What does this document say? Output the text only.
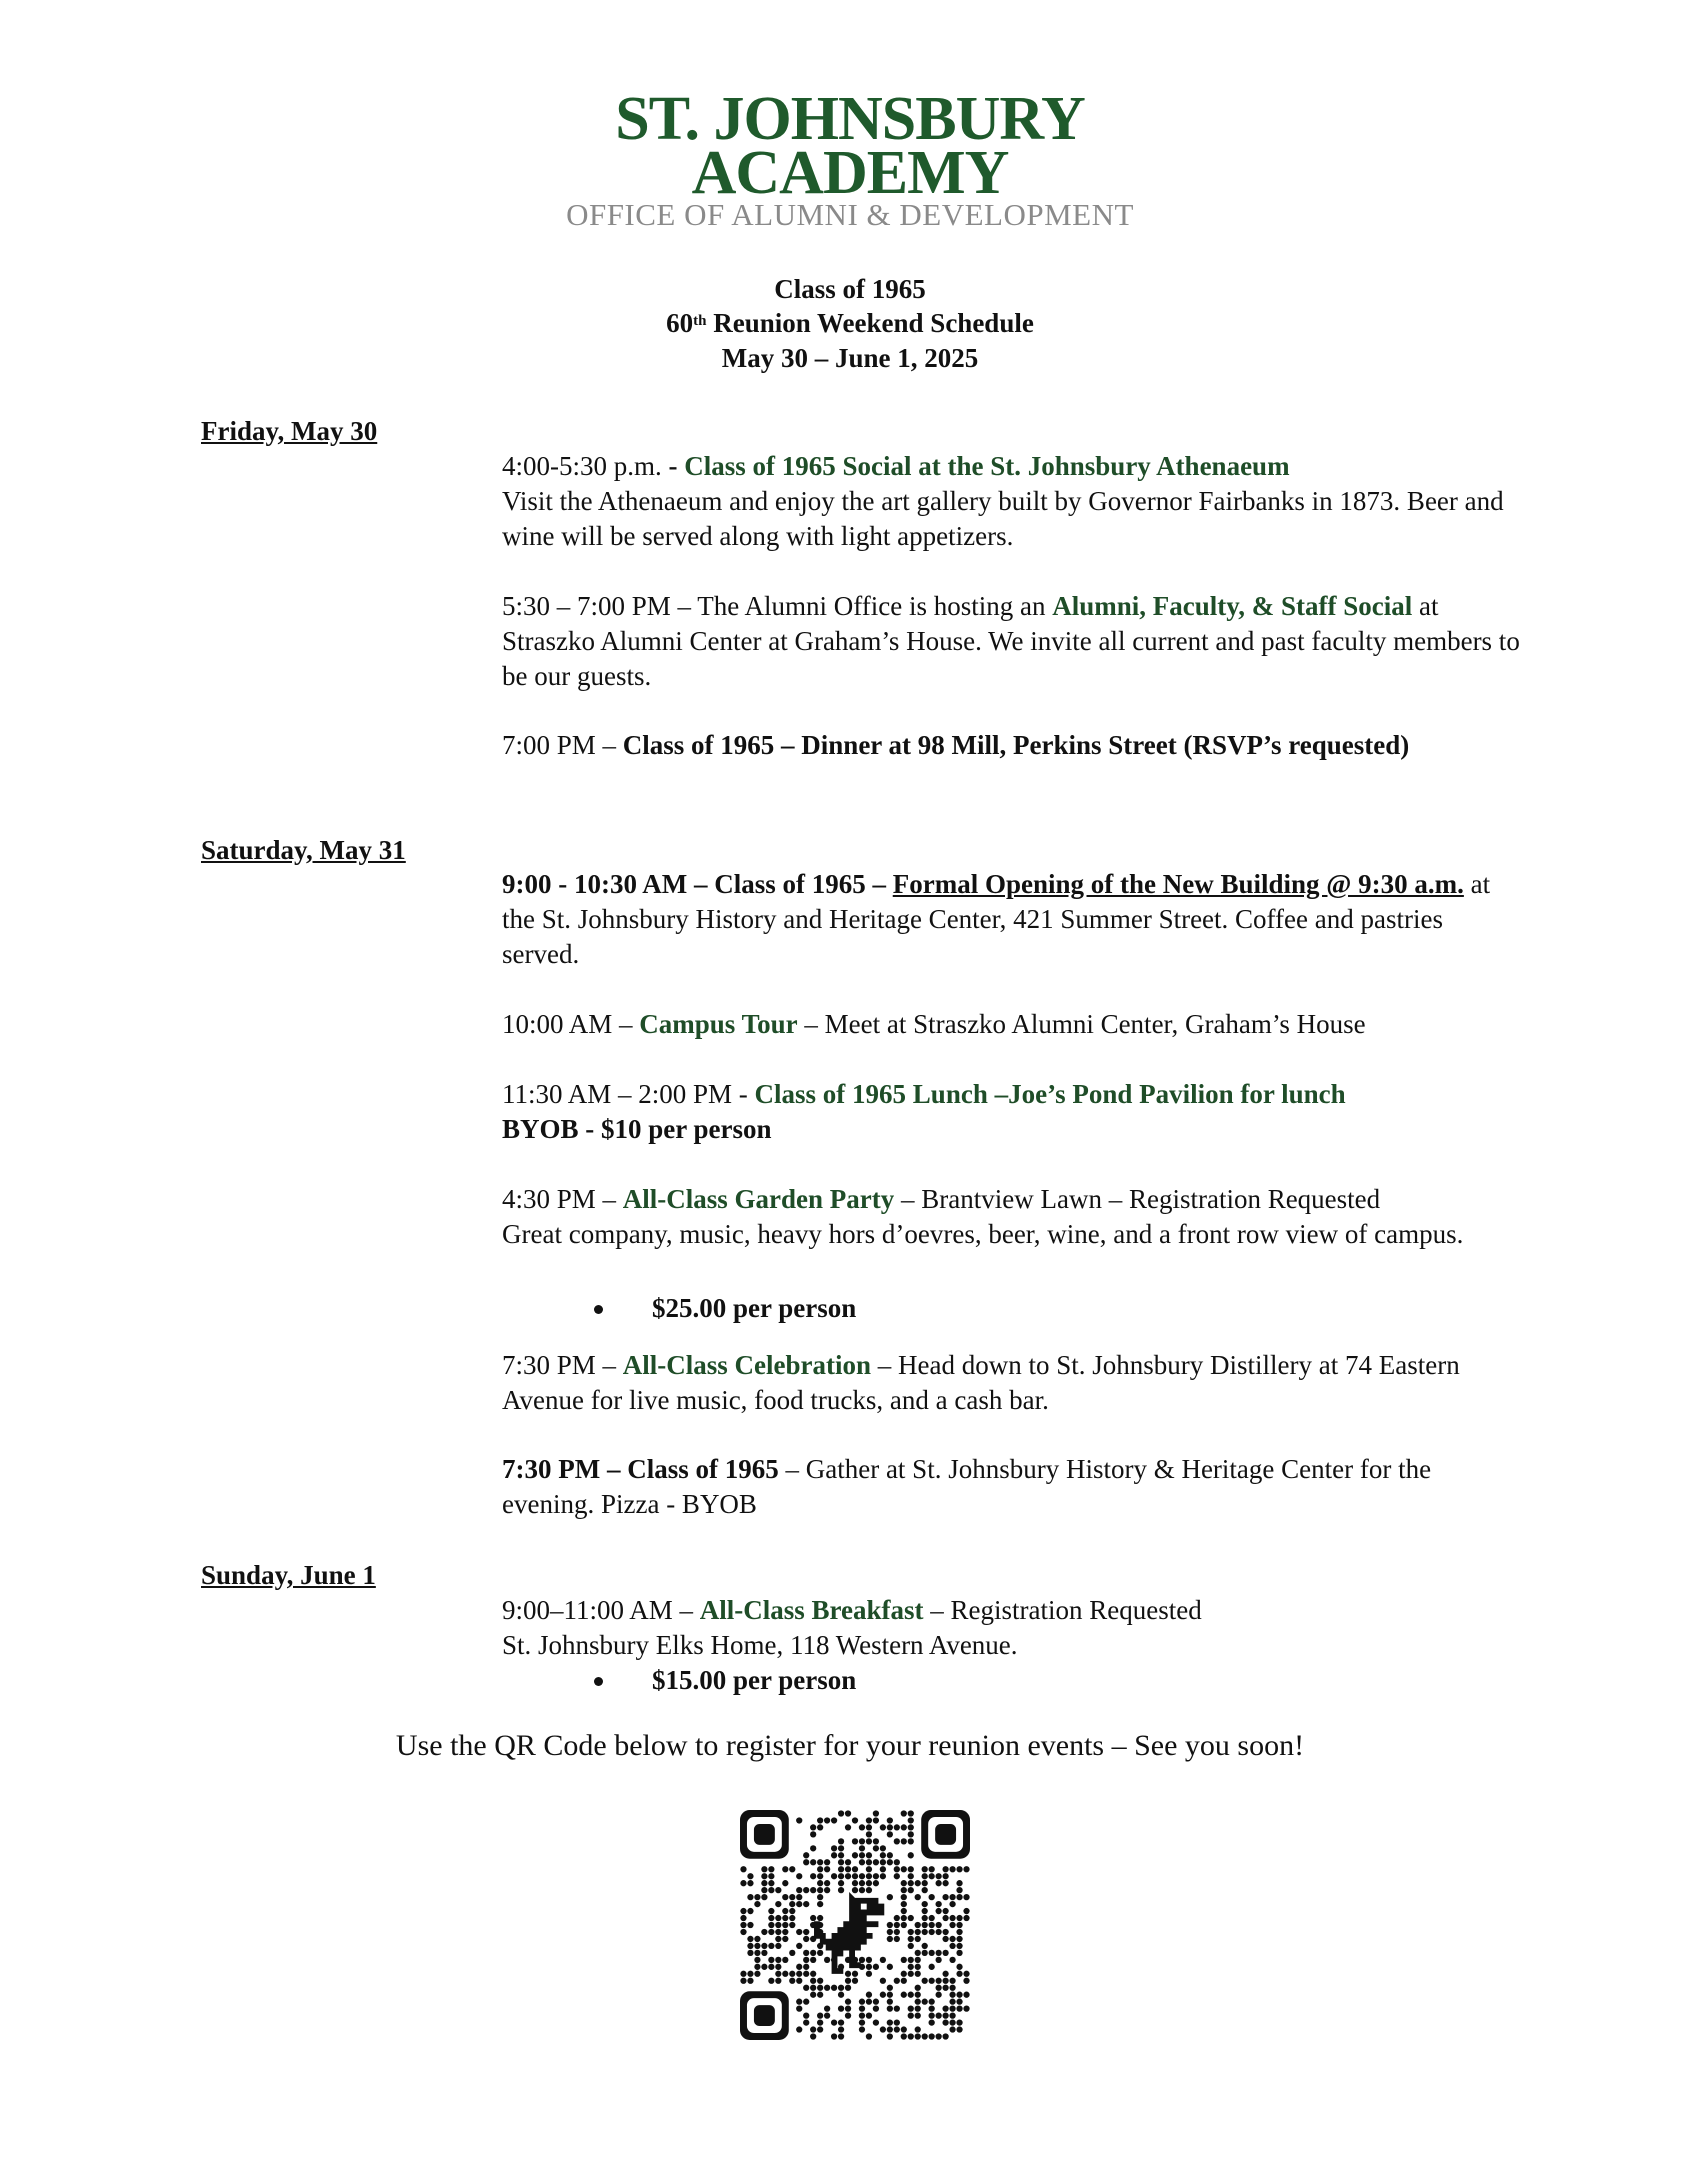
ST. JOHNSBURY
ACADEMY
OFFICE OF ALUMNI & DEVELOPMENT
Class of 1965
60th Reunion Weekend Schedule
May 30 – June 1, 2025
Friday, May 30

4:00-5:30 p.m. - Class of 1965 Social at the St. Johnsbury Athenaeum

Visit the Athenaeum and enjoy the art gallery built by Governor Fairbanks in 1873. Beer and wine will be served along with light appetizers.

5:30 – 7:00 PM – The Alumni Office is hosting an Alumni, Faculty, & Staff Social at Straszko Alumni Center at Graham’s House. We invite all current and past faculty members to be our guests.

7:00 PM – Class of 1965 – Dinner at 98 Mill, Perkins Street (RSVP’s requested)

Saturday, May 31

9:00 - 10:30 AM – Class of 1965 – Formal Opening of the New Building @ 9:30 a.m. at the St. Johnsbury History and Heritage Center, 421 Summer Street. Coffee and pastries served.

10:00 AM – Campus Tour – Meet at Straszko Alumni Center, Graham’s House

11:30 AM – 2:00 PM - Class of 1965 Lunch –Joe’s Pond Pavilion for lunch

BYOB - $10 per person

4:30 PM – All-Class Garden Party – Brantview Lawn – Registration Requested

Great company, music, heavy hors d’oevres, beer, wine, and a front row view of campus.

$25.00 per person

7:30 PM – All-Class Celebration – Head down to St. Johnsbury Distillery at 74 Eastern Avenue for live music, food trucks, and a cash bar.

7:30 PM – Class of 1965 – Gather at St. Johnsbury History & Heritage Center for the evening. Pizza - BYOB

Sunday, June 1

9:00–11:00 AM – All-Class Breakfast – Registration Requested

St. Johnsbury Elks Home, 118 Western Avenue.

$15.00 per person
Use the QR Code below to register for your reunion events – See you soon!
